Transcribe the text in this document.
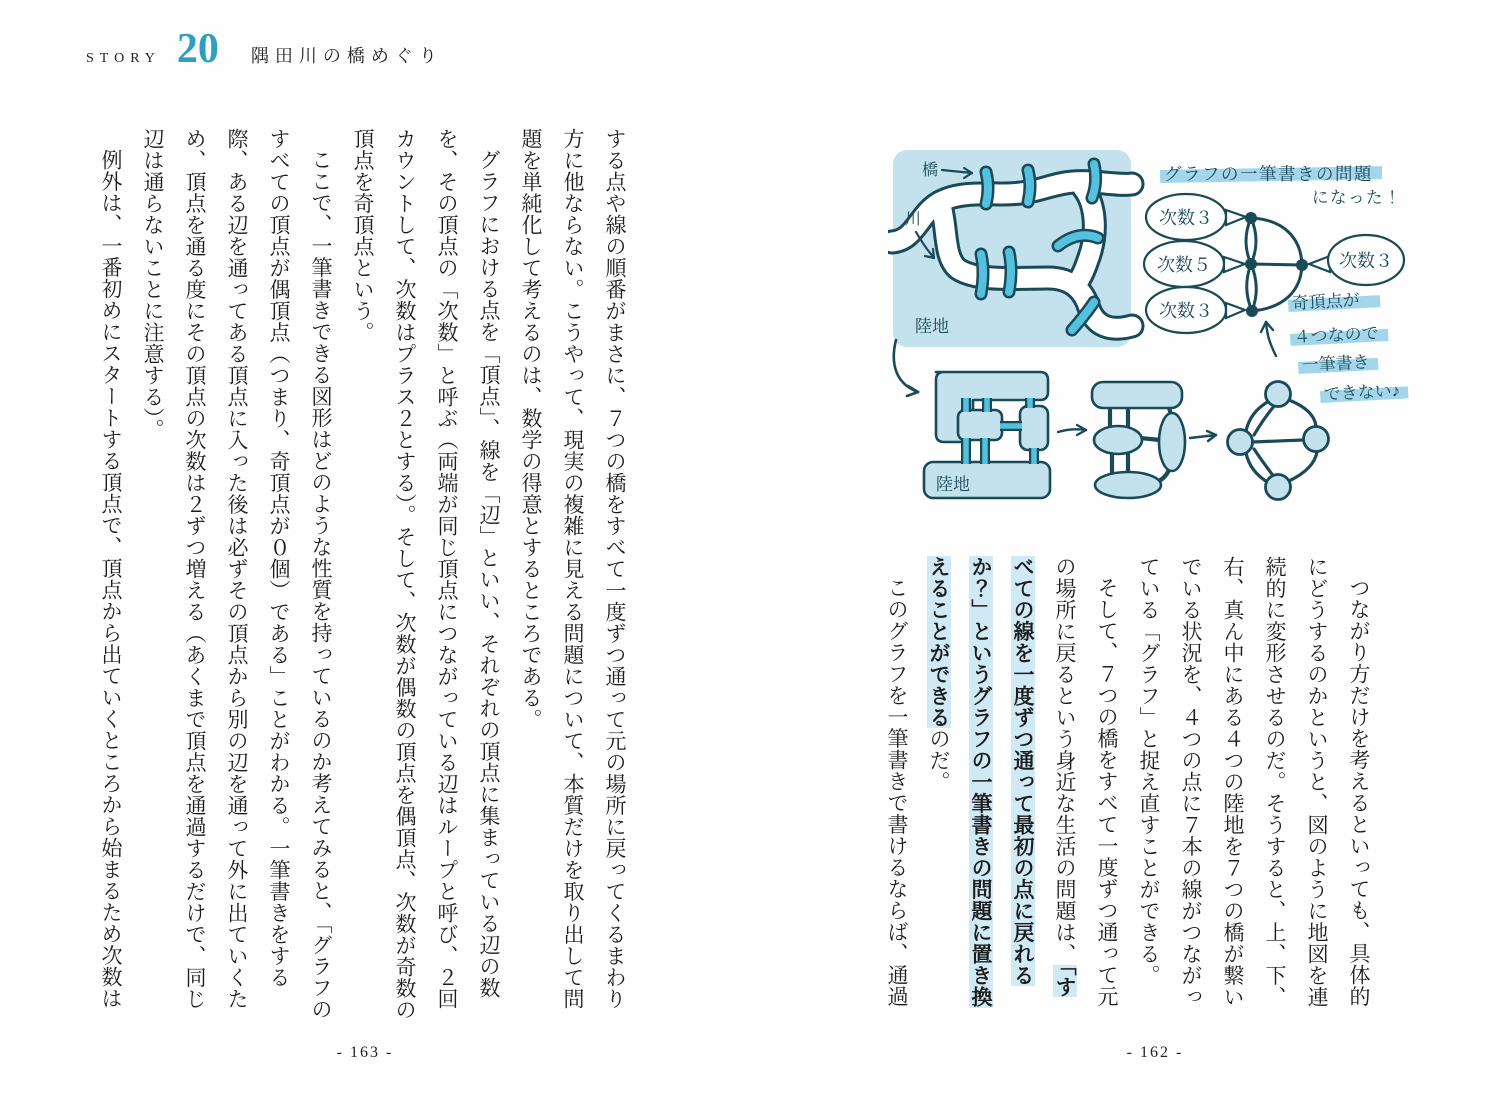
STORY 20 隅田川の橋めぐり

つながり方だけを考えるといっても、具体的にどうするのかというと、図のように地図を連続的に変形させるのだ。そうすると、上、下、右、真ん中にある４つの陸地を７つの橋が繋いでいる状況を、４つの点に７本の線がつながっている「グラフ」と捉え直すことができる。

そして、７つの橋をすべて一度ずつ通って元の場所に戻るという身近な生活の問題は、「すべての線を一度ずつ通って最初の点に戻れるか？」というグラフの一筆書きの問題に置き換えることができるのだ。

このグラフを一筆書きで書けるならば、通過

する点や線の順番がまさに、７つの橋をすべて一度ずつ通って元の場所に戻ってくるまわり方に他ならない。こうやって、現実の複雑に見える問題について、本質だけを取り出して問題を単純化して考えるのは、数学の得意とするところである。

グラフにおける点を「頂点」、線を「辺」といい、それぞれの頂点に集まっている辺の数を、その頂点の「次数」と呼ぶ（両端が同じ頂点につながっている辺はループと呼び、２回カウントして、次数はプラス２とする）。そして、次数が偶数の頂点を偶頂点、次数が奇数の頂点を奇頂点という。

ここで、一筆書きできる図形はどのような性質を持っているのか考えてみると、「グラフのすべての頂点が偶頂点（つまり、奇頂点が０個）である」ことがわかる。一筆書きをする際、ある辺を通ってある頂点に入った後は必ずその頂点から別の辺を通って外に出ていくため、頂点を通る度にその頂点の次数は２ずつ増える（あくまで頂点を通過するだけで、同じ辺は通らないことに注意する）。

例外は、一番初めにスタートする頂点で、頂点から出ていくところから始まるため次数は	橋
川
陸地
陸地
次数３
次数５
次数３
次数３
グラフの一筆書きの問題
になった！
奇頂点が
４つなので
一筆書き
できない♪
- 163 -	- 162 -
